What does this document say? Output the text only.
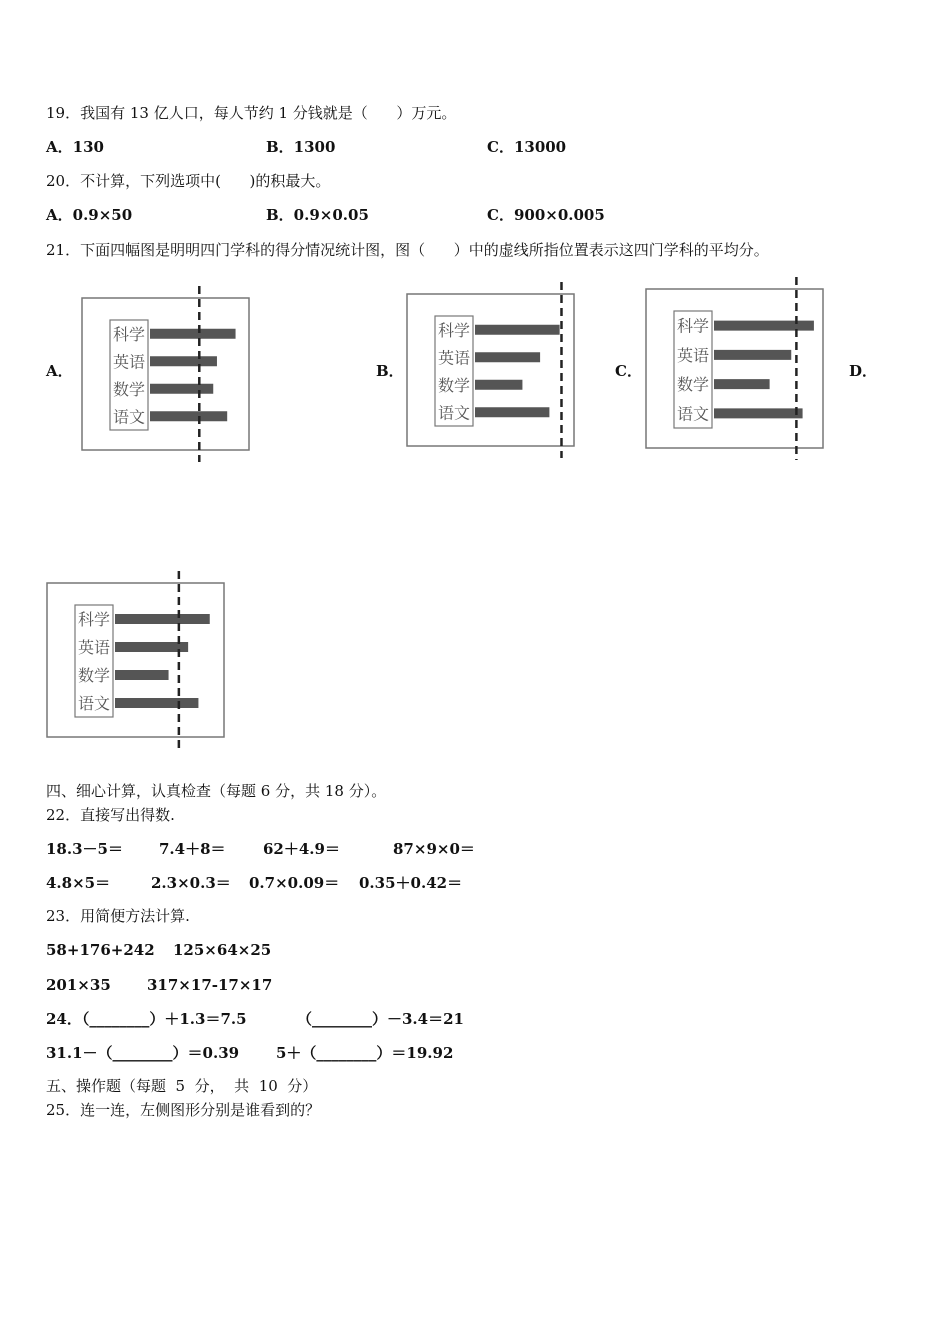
19．我国有 13 亿人口，每人节约 1 分钱就是（      ）万元。
A．130	B．1300	C．13000
20．不计算，下列选项中(      )的积最大。
A．0.9×50	B．0.9×0.05	C．900×0.005
21．下面四幅图是明明四门学科的得分情况统计图，图（      ）中的虚线所指位置表示这四门学科的平均分。
A．	B．	C．	D．
科学
英语
数学
语文
科学
英语
数学
语文
科学
英语
数学
语文
科学
英语
数学
语文
四、细心计算，认真检查（每题 6 分，共 18 分）。
22．直接写出得数.
18.3－5＝ 7.4＋8＝ 62＋4.9＝	87×9×0＝
4.8×5＝	2.3×0.3＝ 0.7×0.09＝ 0.35＋0.42＝
23．用简便方法计算.
58+176+242 125×64×25
201×35 317×17-17×17
24．（________）＋1.3＝7.5	（________）－3.4＝21
31.1－（________）＝0.39 5＋（________）＝19.92
五、操作题（每题  5  分，  共  10  分）
25．连一连，左侧图形分别是谁看到的？
